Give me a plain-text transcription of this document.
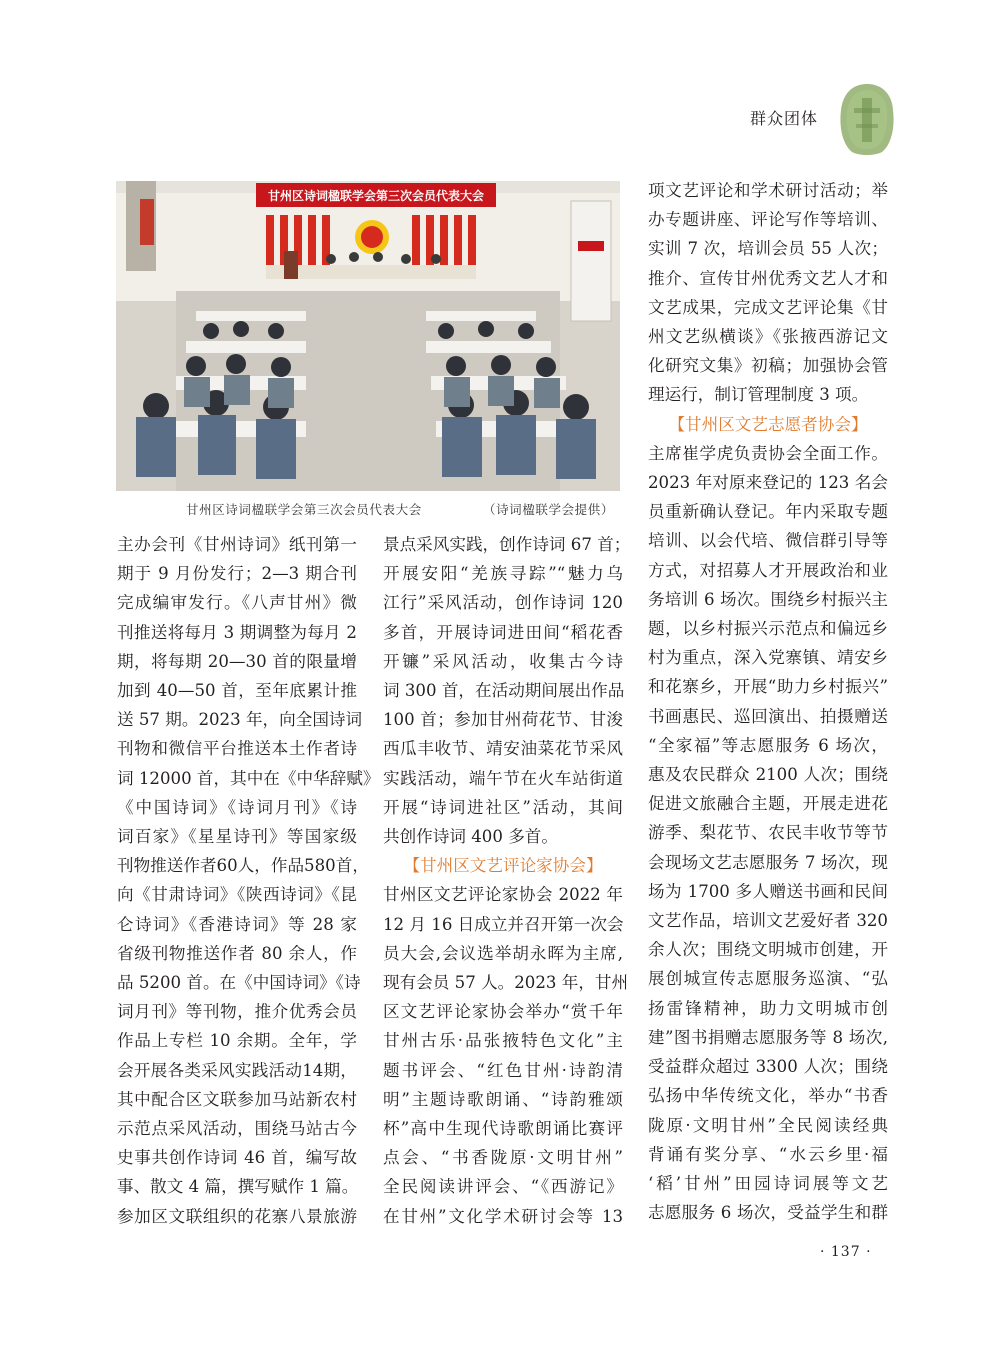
群众团体
甘州区诗词楹联学会第三次会员代表大会
甘州区诗词楹联学会第三次会员代表大会	（诗词楹联学会提供）
主办会刊《甘州诗词》纸刊第一
期于 9 月份发行；2—3 期合刊
完成编审发行。《八声甘州》微
刊推送将每月 3 期调整为每月 2
期，将每期 20—30 首的限量增
加到 40—50 首，至年底累计推
送 57 期。2023 年，向全国诗词
刊物和微信平台推送本土作者诗
词 12000 首，其中在《中华辞赋》
《中国诗词》《诗词月刊》《诗
词百家》《星星诗刊》等国家级
刊物推送作者60人，作品580首，
向《甘肃诗词》《陕西诗词》《昆
仑诗词》《香港诗词》等 28 家
省级刊物推送作者 80 余人，作
品 5200 首。在《中国诗词》《诗
词月刊》等刊物，推介优秀会员
作品上专栏 10 余期。全年，学
会开展各类采风实践活动14期，
其中配合区文联参加马站新农村
示范点采风活动，围绕马站古今
史事共创作诗词 46 首，编写故
事、散文 4 篇，撰写赋作 1 篇。
参加区文联组织的花寨八景旅游
景点采风实践，创作诗词 67 首；
开展安阳“羌族寻踪”“魅力乌
江行”采风活动，创作诗词 120
多首，开展诗词进田间“稻花香
开镰”采风活动，收集古今诗
词 300 首，在活动期间展出作品
100 首；参加甘州荷花节、甘浚
西瓜丰收节、靖安油菜花节采风
实践活动，端午节在火车站街道
开展“诗词进社区”活动，其间
共创作诗词 400 多首。
【甘州区文艺评论家协会】
甘州区文艺评论家协会 2022 年
12 月 16 日成立并召开第一次会
员大会,会议选举胡永晖为主席,
现有会员 57 人。2023 年，甘州
区文艺评论家协会举办“赏千年
甘州古乐·品张掖特色文化”主
题书评会、“红色甘州·诗韵清
明”主题诗歌朗诵、“诗韵雅颂
杯”高中生现代诗歌朗诵比赛评
点会、“书香陇原·文明甘州”
全民阅读讲评会、“《西游记》
在甘州”文化学术研讨会等 13
项文艺评论和学术研讨活动；举
办专题讲座、评论写作等培训、
实训 7 次，培训会员 55 人次；
推介、宣传甘州优秀文艺人才和
文艺成果，完成文艺评论集《甘
州文艺纵横谈》《张掖西游记文
化研究文集》初稿；加强协会管
理运行，制订管理制度 3 项。
【甘州区文艺志愿者协会】
主席崔学虎负责协会全面工作。
2023 年对原来登记的 123 名会
员重新确认登记。年内采取专题
培训、以会代培、微信群引导等
方式，对招募人才开展政治和业
务培训 6 场次。围绕乡村振兴主
题，以乡村振兴示范点和偏远乡
村为重点，深入党寨镇、靖安乡
和花寨乡，开展“助力乡村振兴”
书画惠民、巡回演出、拍摄赠送
“全家福”等志愿服务 6 场次，
惠及农民群众 2100 人次；围绕
促进文旅融合主题，开展走进花
游季、梨花节、农民丰收节等节
会现场文艺志愿服务 7 场次，现
场为 1700 多人赠送书画和民间
文艺作品，培训文艺爱好者 320
余人次；围绕文明城市创建，开
展创城宣传志愿服务巡演、“弘
扬雷锋精神，助力文明城市创
建”图书捐赠志愿服务等 8 场次,
受益群众超过 3300 人次；围绕
弘扬中华传统文化，举办“书香
陇原·文明甘州”全民阅读经典
背诵有奖分享、“水云乡里·福
‘稻’甘州”田园诗词展等文艺
志愿服务 6 场次，受益学生和群
· 137 ·
